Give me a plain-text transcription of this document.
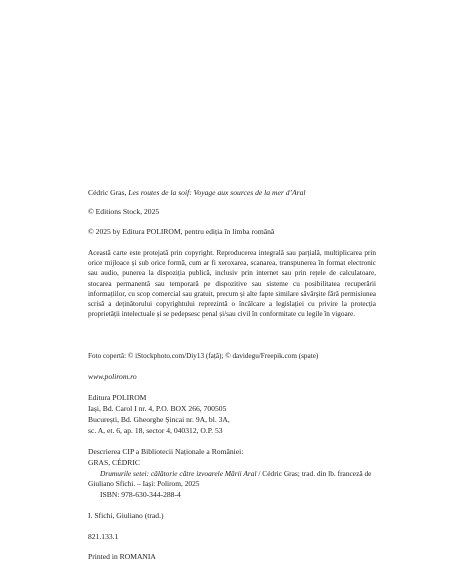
Cédric Gras, Les routes de la soif: Voyage aux sources de la mer d’Aral
© Editions Stock, 2025
© 2025 by Editura POLIROM, pentru ediția în limba română
Această carte este protejată prin copyright. Reproducerea integrală sau parțială, multiplicarea prin orice mijloace și sub orice formă, cum ar fi xeroxarea, scanarea, transpunerea în format electronic sau audio, punerea la dispoziția publică, inclusiv prin internet sau prin rețele de calculatoare, stocarea permanentă sau temporară pe dispozitive sau sisteme cu posibilitatea recuperării informațiilor, cu scop comercial sau gratuit, precum și alte fapte similare săvârșite fără permisiunea scrisă a deținătorului copyrightului reprezintă o încălcare a legislației cu privire la protecția proprietății intelectuale și se pedepsesc penal și/sau civil în conformitate cu legile în vigoare.
Foto copertă: © iStockphoto.com/Diy13 (față); © davidegu/Freepik.com (spate)
www.polirom.ro
Editura POLIROM
Iași, Bd. Carol I nr. 4, P.O. BOX 266, 700505
București, Bd. Gheorghe Șincai nr. 9A, bl. 3A,
sc. A, et. 6, ap. 18, sector 4, 040312, O.P. 53
Descrierea CIP a Bibliotecii Naționale a României:
GRAS, CÉDRIC
Drumurile setei: călătorie către izvoarele Mării Aral / Cédric Gras; trad. din lb. franceză de Giuliano Sfichi. – Iași: Polirom, 2025
ISBN: 978-630-344-288-4
I. Sfichi, Giuliano (trad.)
821.133.1
Printed in ROMANIA
